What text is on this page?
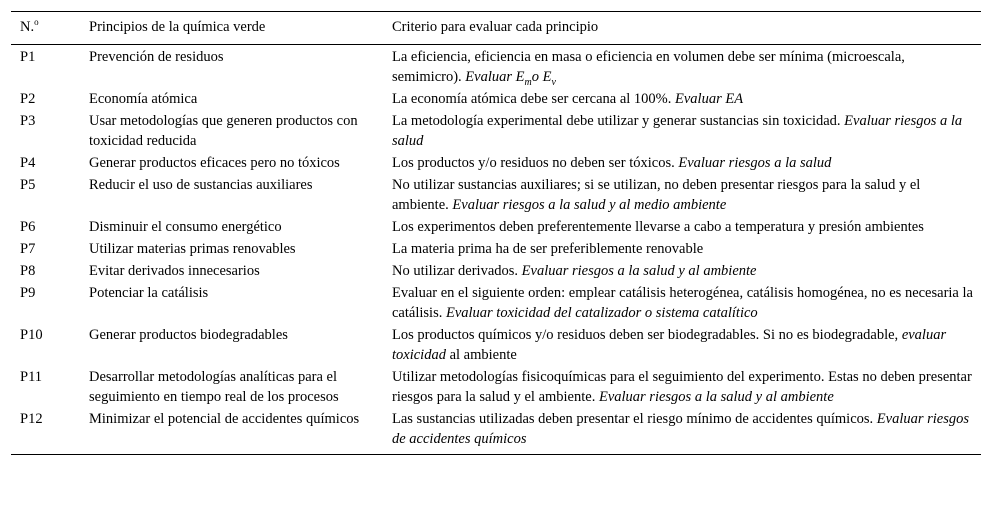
N.$^o$	Principios de la química verde	Criterio para evaluar cada principio
P1	Prevención de residuos	La eficiencia, eficiencia en masa o eficiencia en volumen debe ser mínima (microescala, semimicro). Evaluar $E_mo$ $E_v$
P2	Economía atómica	La economía atómica debe ser cercana al 100%. Evaluar EA
P3	Usar metodologías que generen productos con toxicidad reducida	La metodología experimental debe utilizar y generar sustancias sin toxicidad. Evaluar riesgos a la salud
P4	Generar productos eficaces pero no tóxicos	Los productos y/o residuos no deben ser tóxicos. Evaluar riesgos a la salud
P5	Reducir el uso de sustancias auxiliares	No utilizar sustancias auxiliares; si se utilizan, no deben presentar riesgos para la salud y el ambiente. Evaluar riesgos a la salud y al medio ambiente
P6	Disminuir el consumo energético	Los experimentos deben preferentemente llevarse a cabo a temperatura y presión ambientes
P7	Utilizar materias primas renovables	La materia prima ha de ser preferiblemente renovable
P8	Evitar derivados innecesarios	No utilizar derivados. Evaluar riesgos a la salud y al ambiente
P9	Potenciar la catálisis	Evaluar en el siguiente orden: emplear catálisis heterogénea, catálisis homogénea, no es necesaria la catálisis. Evaluar toxicidad del catalizador o sistema catalítico
P10	Generar productos biodegradables	Los productos químicos y/o residuos deben ser biodegradables. Si no es biodegradable, evaluar toxicidad al ambiente
P11	Desarrollar metodologías analíticas para el seguimiento en tiempo real de los procesos	Utilizar metodologías fisicoquímicas para el seguimiento del experimento. Estas no deben presentar riesgos para la salud y el ambiente. Evaluar riesgos a la salud y al ambiente
P12	Minimizar el potencial de accidentes químicos	Las sustancias utilizadas deben presentar el riesgo mínimo de accidentes químicos. Evaluar riesgos de accidentes químicos
